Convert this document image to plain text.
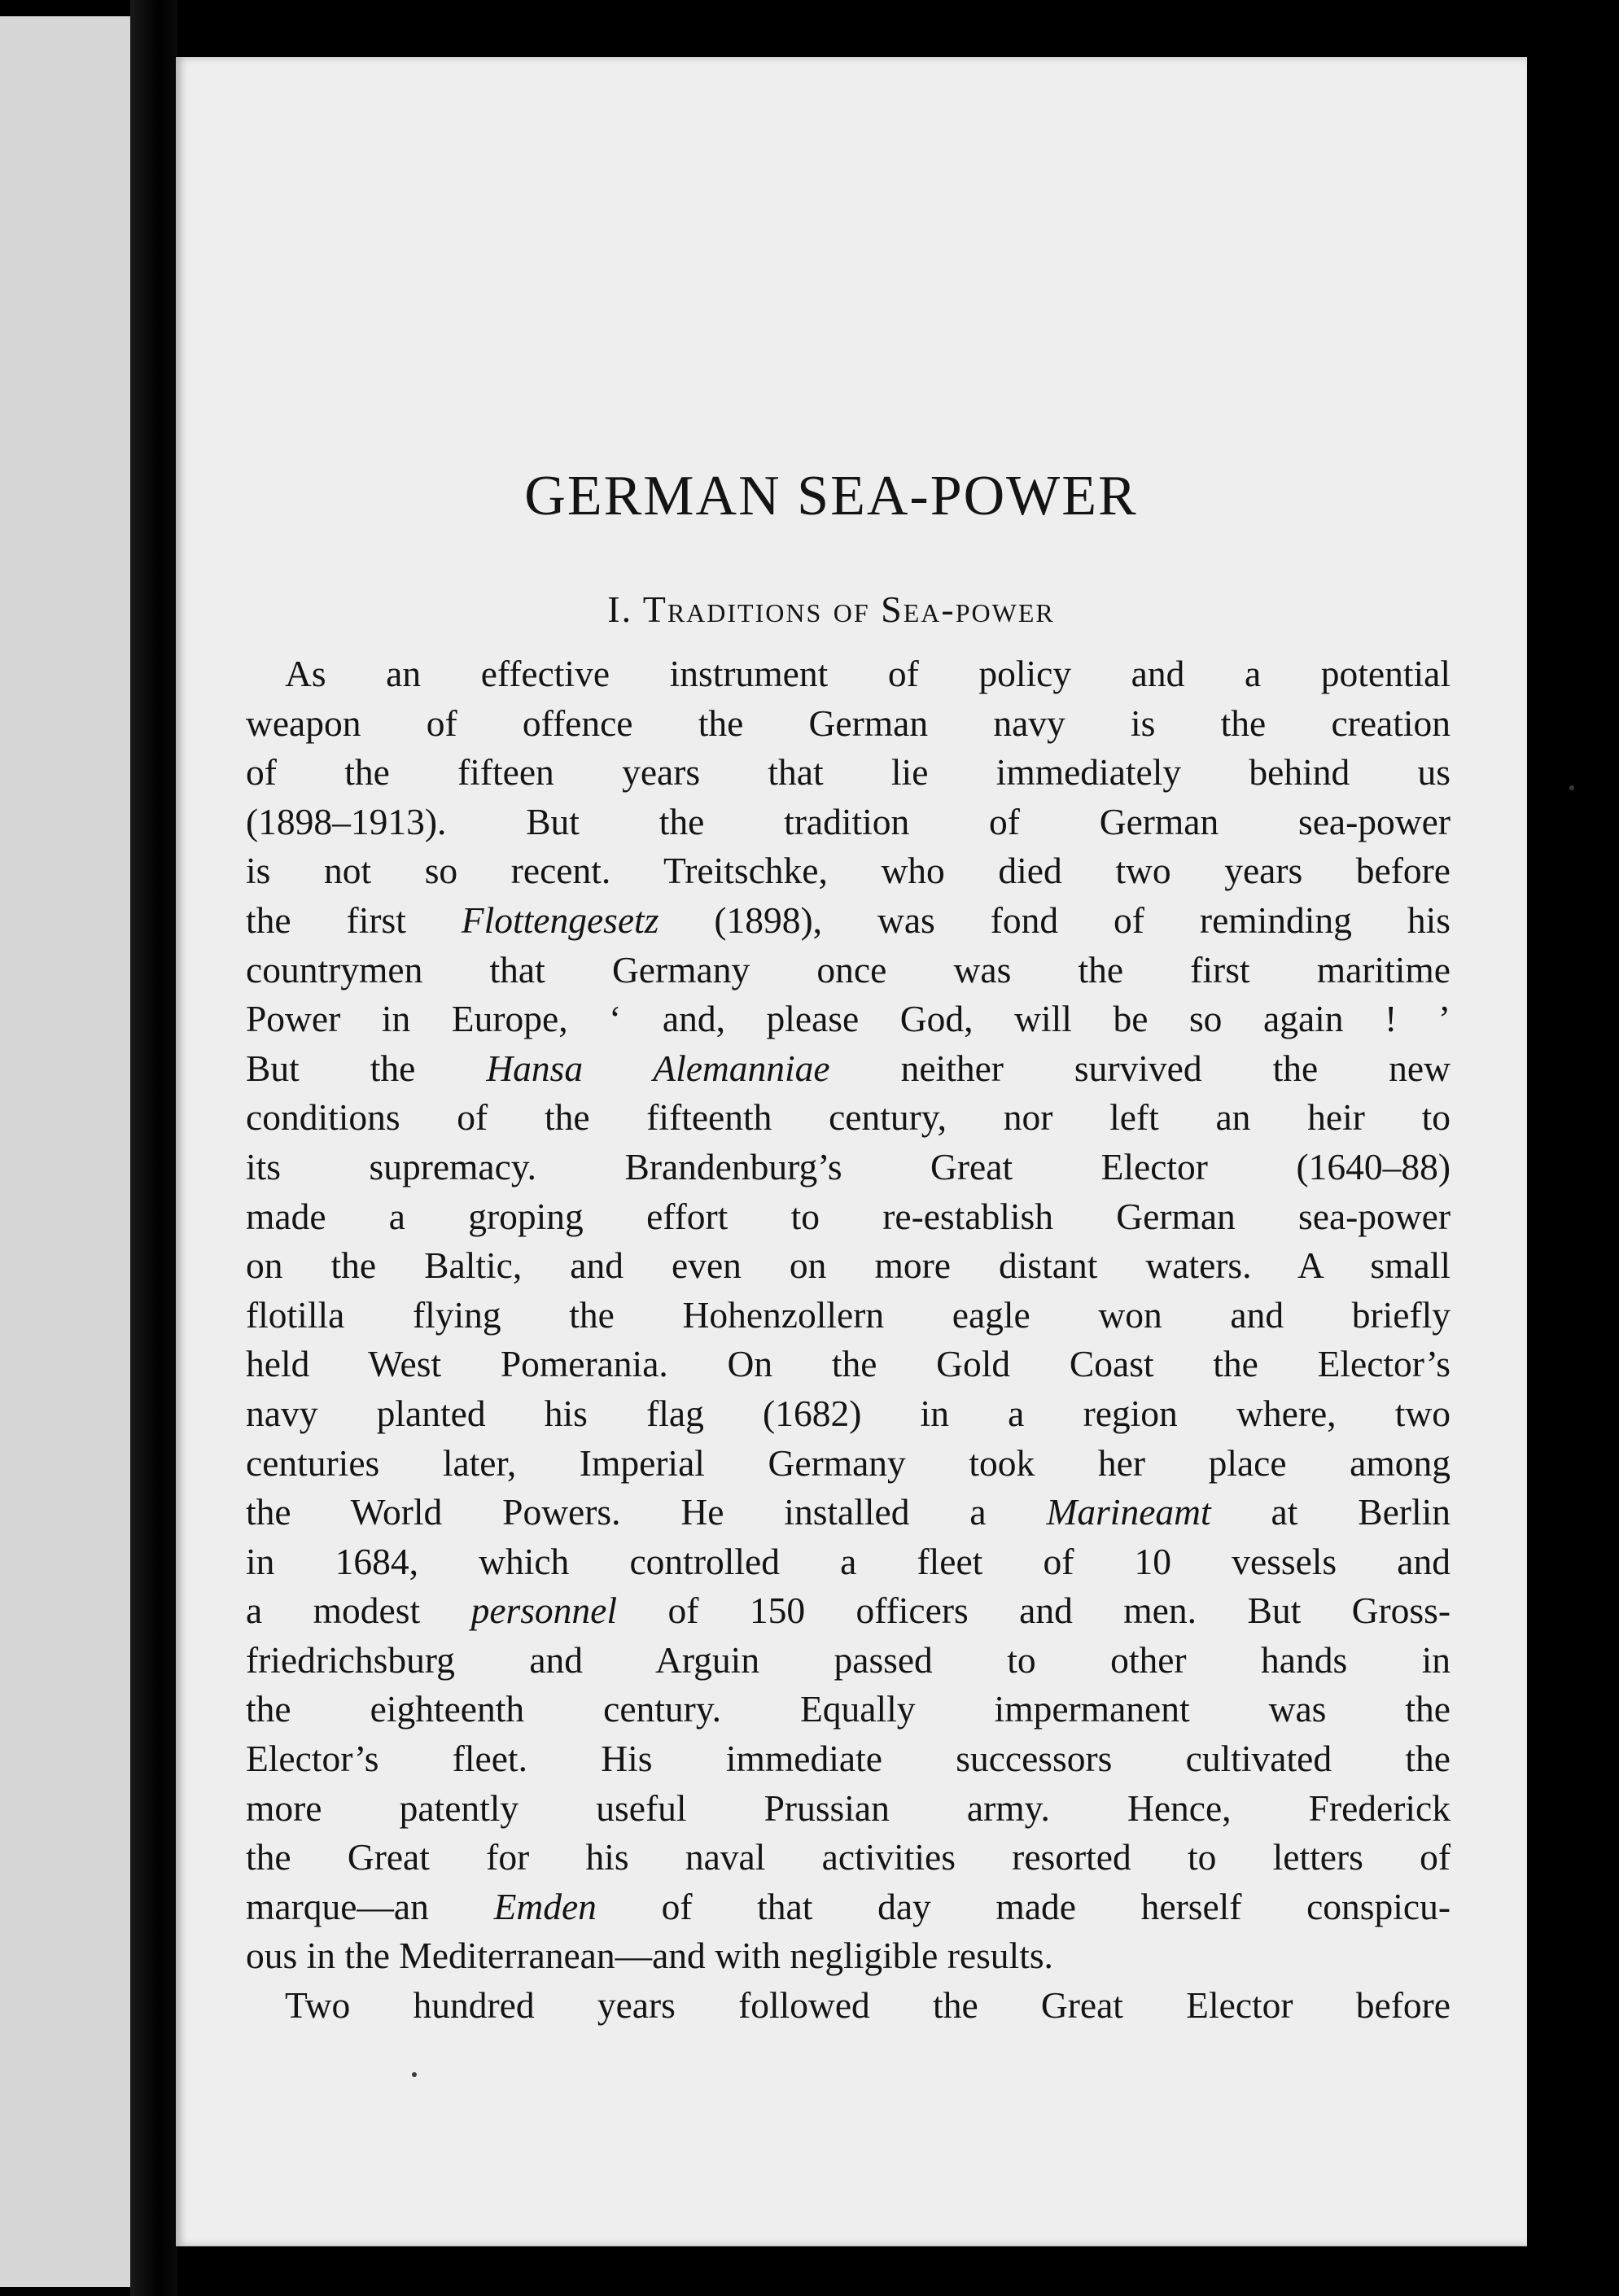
GERMAN SEA-POWER
I. Traditions of Sea-power
As an effective instrument of policy and a potential
weapon of offence the German navy is the creation
of the fifteen years that lie immediately behind us
(1898–1913). But the tradition of German sea-power
is not so recent. Treitschke, who died two years before
the first Flottengesetz (1898), was fond of reminding his
countrymen that Germany once was the first maritime
Power in Europe, ‘ and, please God, will be so again ! ’
But the Hansa Alemanniae neither survived the new
conditions of the fifteenth century, nor left an heir to
its supremacy. Brandenburg’s Great Elector (1640–88)
made a groping effort to re-establish German sea-power
on the Baltic, and even on more distant waters. A small
flotilla flying the Hohenzollern eagle won and briefly
held West Pomerania. On the Gold Coast the Elector’s
navy planted his flag (1682) in a region where, two
centuries later, Imperial Germany took her place among
the World Powers. He installed a Marineamt at Berlin
in 1684, which controlled a fleet of 10 vessels and
a modest personnel of 150 officers and men. But Gross-
friedrichsburg and Arguin passed to other hands in
the eighteenth century. Equally impermanent was the
Elector’s fleet. His immediate successors cultivated the
more patently useful Prussian army. Hence, Frederick
the Great for his naval activities resorted to letters of
marque—an Emden of that day made herself conspicu-
ous in the Mediterranean—and with negligible results.
Two hundred years followed the Great Elector before
